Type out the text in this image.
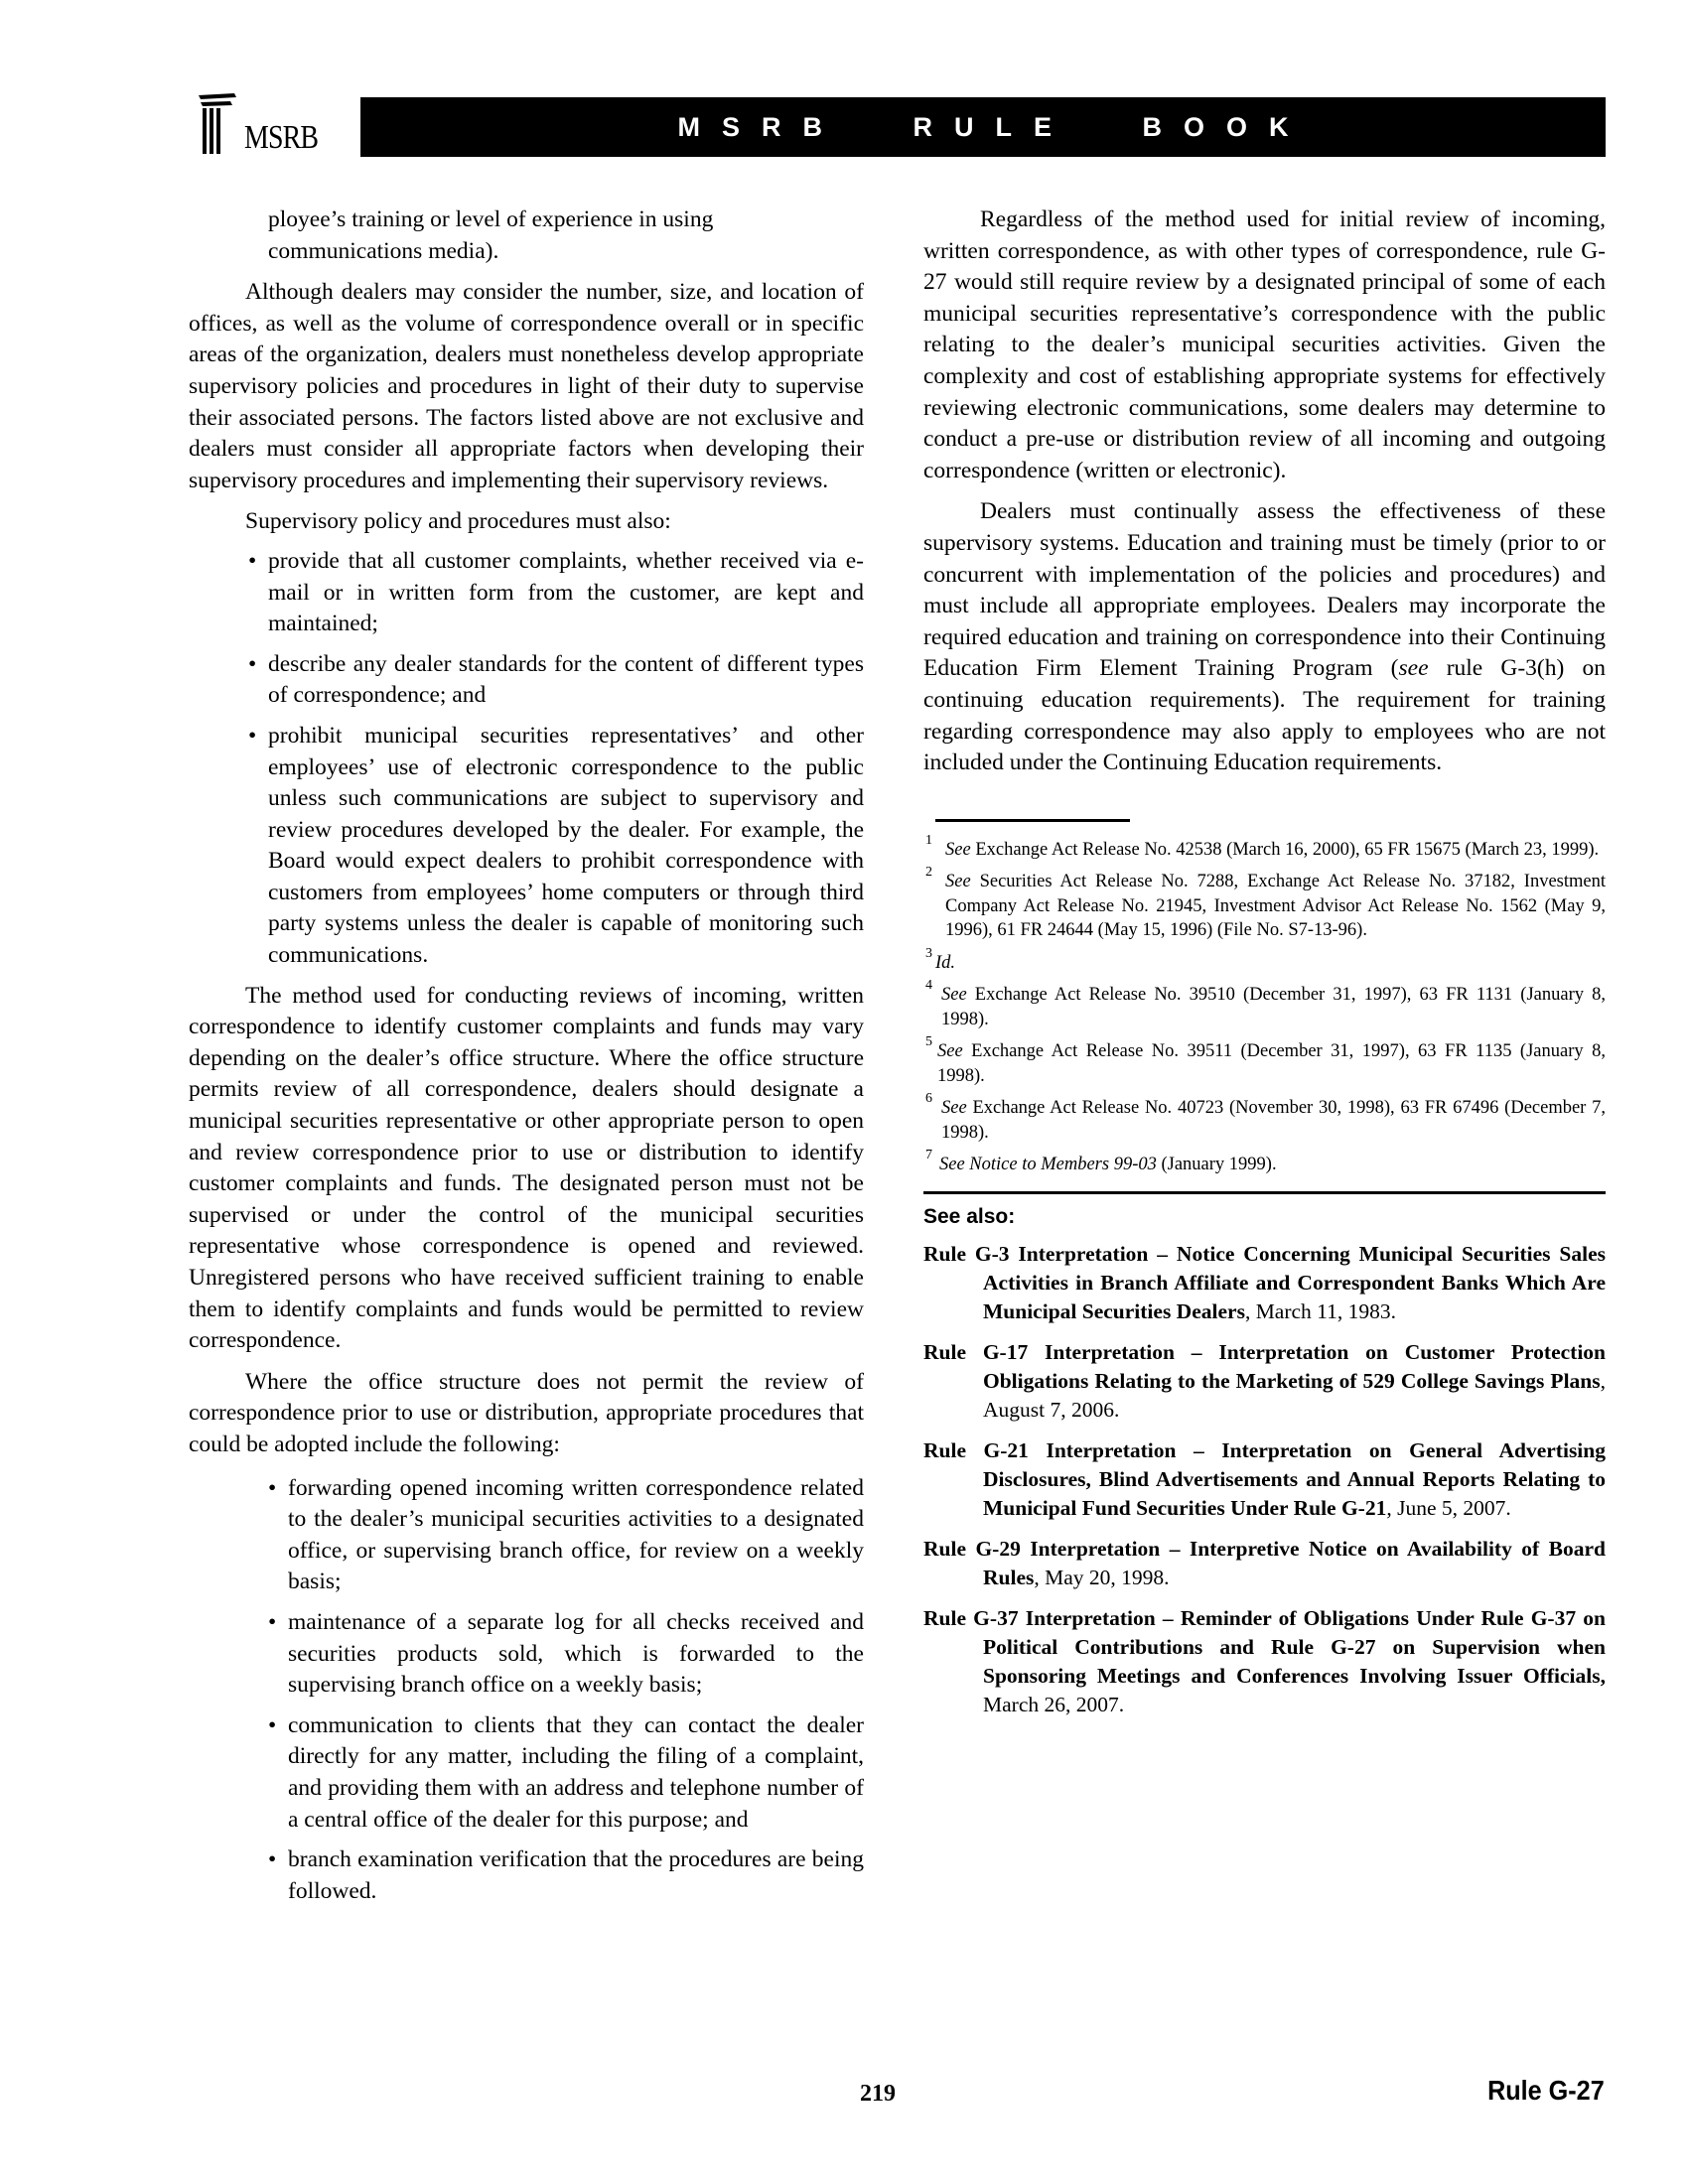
MSRB	MSRB RULE BOOK

ployee’s training or level of experience in using communications media).

Although dealers may consider the number, size, and location of offices, as well as the volume of correspondence overall or in specific areas of the organization, dealers must nonetheless develop appropriate supervisory policies and procedures in light of their duty to supervise their associated persons. The factors listed above are not exclusive and dealers must consider all appropriate factors when developing their supervisory procedures and implementing their supervisory reviews.

Supervisory policy and procedures must also:

• provide that all customer complaints, whether received via e-mail or in written form from the customer, are kept and maintained;
• describe any dealer standards for the content of different types of correspondence; and
• prohibit municipal securities representatives’ and other employees’ use of electronic correspondence to the public unless such communications are subject to supervisory and review procedures developed by the dealer. For example, the Board would expect dealers to prohibit correspondence with customers from employees’ home computers or through third party systems unless the dealer is capable of monitoring such communications.

The method used for conducting reviews of incoming, written correspondence to identify customer complaints and funds may vary depending on the dealer’s office structure. Where the office structure permits review of all correspondence, dealers should designate a municipal securities representative or other appropriate person to open and review correspondence prior to use or distribution to identify customer complaints and funds. The designated person must not be supervised or under the control of the municipal securities representative whose correspondence is opened and reviewed. Unregistered persons who have received sufficient training to enable them to identify complaints and funds would be permitted to review correspondence.

Where the office structure does not permit the review of correspondence prior to use or distribution, appropriate procedures that could be adopted include the following:

• forwarding opened incoming written correspondence related to the dealer’s municipal securities activities to a designated office, or supervising branch office, for review on a weekly basis;
• maintenance of a separate log for all checks received and securities products sold, which is forwarded to the supervising branch office on a weekly basis;
• communication to clients that they can contact the dealer directly for any matter, including the filing of a complaint, and providing them with an address and telephone number of a central office of the dealer for this purpose; and
• branch examination verification that the procedures are being followed.

Regardless of the method used for initial review of incoming, written correspondence, as with other types of correspondence, rule G-27 would still require review by a designated principal of some of each municipal securities representative’s correspondence with the public relating to the dealer’s municipal securities activities. Given the complexity and cost of establishing appropriate systems for effectively reviewing electronic communications, some dealers may determine to conduct a pre-use or distribution review of all incoming and outgoing correspondence (written or electronic).

Dealers must continually assess the effectiveness of these supervisory systems. Education and training must be timely (prior to or concurrent with implementation of the policies and procedures) and must include all appropriate employees. Dealers may incorporate the required education and training on correspondence into their Continuing Education Firm Element Training Program (see rule G-3(h) on continuing education requirements). The requirement for training regarding correspondence may also apply to employees who are not included under the Continuing Education requirements.

1 See Exchange Act Release No. 42538 (March 16, 2000), 65 FR 15675 (March 23, 1999).
2 See Securities Act Release No. 7288, Exchange Act Release No. 37182, Investment Company Act Release No. 21945, Investment Advisor Act Release No. 1562 (May 9, 1996), 61 FR 24644 (May 15, 1996) (File No. S7-13-96).
3 Id.
4 See Exchange Act Release No. 39510 (December 31, 1997), 63 FR 1131 (January 8, 1998).
5 See Exchange Act Release No. 39511 (December 31, 1997), 63 FR 1135 (January 8, 1998).
6 See Exchange Act Release No. 40723 (November 30, 1998), 63 FR 67496 (December 7, 1998).
7 See Notice to Members 99-03 (January 1999).
See also:
Rule G-3 Interpretation – Notice Concerning Municipal Securities Sales Activities in Branch Affiliate and Correspondent Banks Which Are Municipal Securities Dealers, March 11, 1983.
Rule G-17 Interpretation – Interpretation on Customer Protection Obligations Relating to the Marketing of 529 College Savings Plans, August 7, 2006.
Rule G-21 Interpretation – Interpretation on General Advertising Disclosures, Blind Advertisements and Annual Reports Relating to Municipal Fund Securities Under Rule G-21, June 5, 2007.
Rule G-29 Interpretation – Interpretive Notice on Availability of Board Rules, May 20, 1998.
Rule G-37 Interpretation – Reminder of Obligations Under Rule G-37 on Political Contributions and Rule G-27 on Supervision when Sponsoring Meetings and Conferences Involving Issuer Officials, March 26, 2007.
219	Rule G-27
